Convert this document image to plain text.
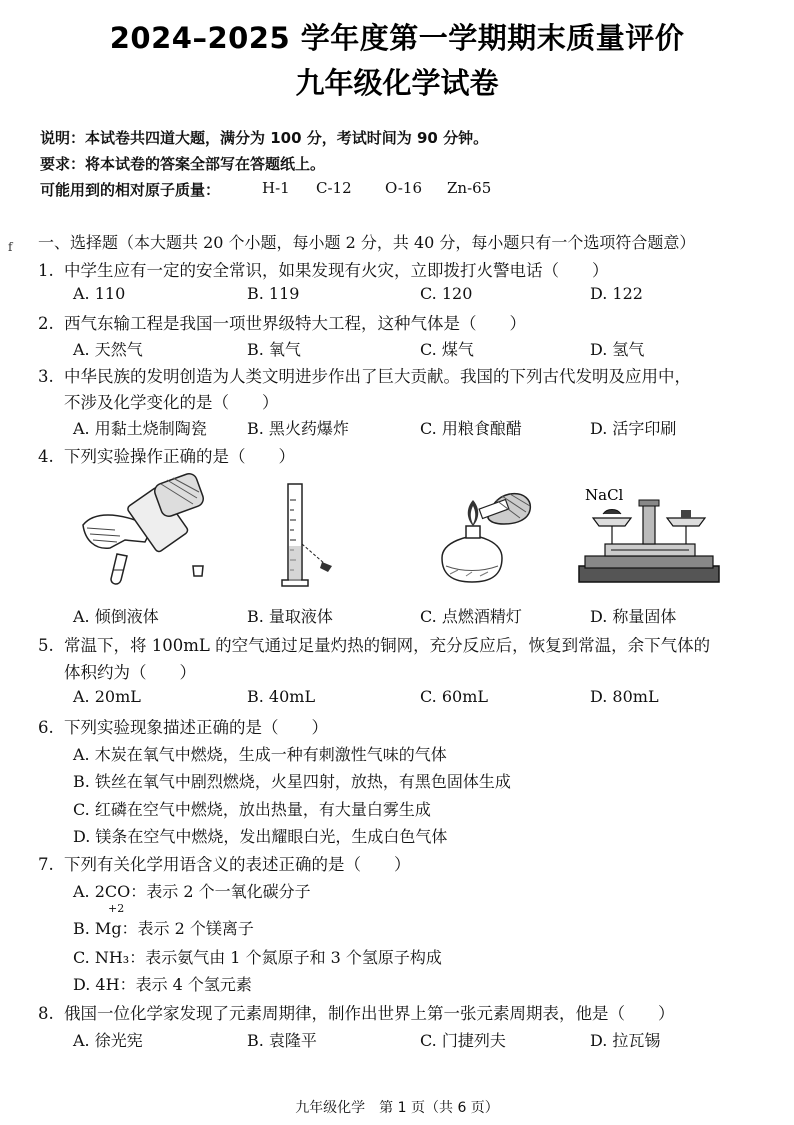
2024–2025 学年度第一学期期末质量评价
九年级化学试卷
说明：本试卷共四道大题，满分为 100 分，考试时间为 90 分钟。
要求：将本试卷的答案全部写在答题纸上。
可能用到的相对原子质量：	H-1 C-12 O-16 Zn-65
f 一、选择题（本大题共 20 个小题，每小题 2 分，共 40 分，每小题只有一个选项符合题意）
1. 中学生应有一定的安全常识，如果发现有火灾，立即拨打火警电话（　　）
A. 110	B. 119	C. 120	D. 122
2. 西气东输工程是我国一项世界级特大工程，这种气体是（　　）
A. 天然气	B. 氧气	C. 煤气	D. 氢气
3. 中华民族的发明创造为人类文明进步作出了巨大贡献。我国的下列古代发明及应用中，
不涉及化学变化的是（　　）
A. 用黏土烧制陶瓷	B. 黑火药爆炸	C. 用粮食酿醋	D. 活字印刷
4. 下列实验操作正确的是（　　）
NaCl
A. 倾倒液体	B. 量取液体	C. 点燃酒精灯	D. 称量固体
5. 常温下，将 100mL 的空气通过足量灼热的铜网，充分反应后，恢复到常温，余下气体的
体积约为（　　）
A. 20mL	B. 40mL	C. 60mL	D. 80mL
6. 下列实验现象描述正确的是（　　）
A. 木炭在氧气中燃烧，生成一种有刺激性气味的气体
B. 铁丝在氧气中剧烈燃烧，火星四射，放热，有黑色固体生成
C. 红磷在空气中燃烧，放出热量，有大量白雾生成
D. 镁条在空气中燃烧，发出耀眼白光，生成白色气体
7. 下列有关化学用语含义的表述正确的是（　　）
A. 2CO：表示 2 个一氧化碳分子
+2
B. Mg：表示 2 个镁离子
C. NH₃：表示氨气由 1 个氮原子和 3 个氢原子构成
D. 4H：表示 4 个氢元素
8. 俄国一位化学家发现了元素周期律，制作出世界上第一张元素周期表，他是（　　）
A. 徐光宪	B. 袁隆平	C. 门捷列夫	D. 拉瓦锡
九年级化学　第 1 页（共 6 页）
